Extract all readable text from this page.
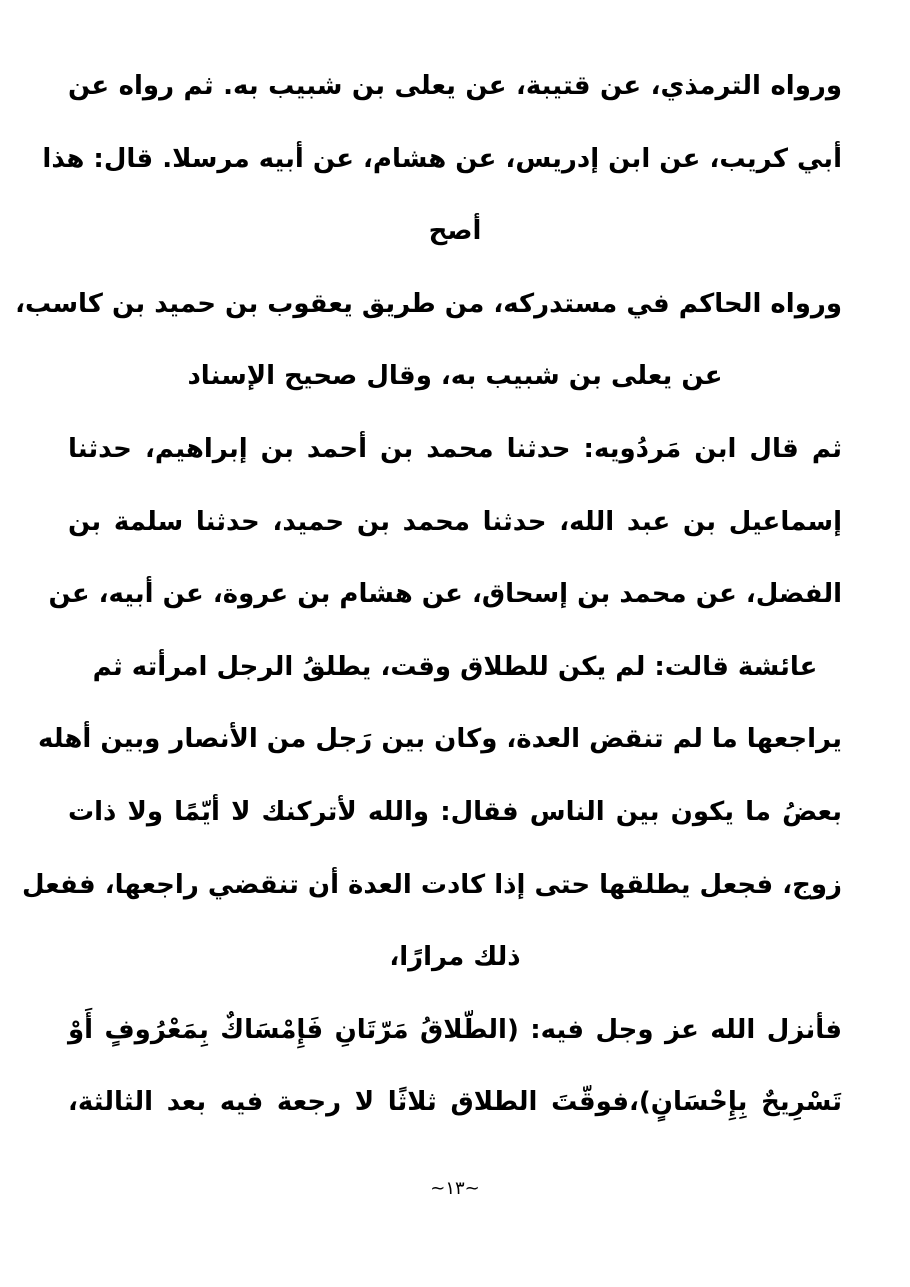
ورواه الترمذي، عن قتيبة، عن يعلى بن شبيب به. ثم رواه عن
أبي كريب، عن ابن إدريس، عن هشام، عن أبيه مرسلا. قال: هذا
أصح
ورواه الحاكم في مستدركه، من طريق يعقوب بن حميد بن كاسب،
عن يعلى بن شبيب به، وقال صحيح الإسناد
ثم قال ابن مَردُويه: حدثنا محمد بن أحمد بن إبراهيم، حدثنا
إسماعيل بن عبد الله، حدثنا محمد بن حميد، حدثنا سلمة بن
الفضل، عن محمد بن إسحاق، عن هشام بن عروة، عن أبيه، عن
عائشة قالت: لم يكن للطلاق وقت، يطلقُ الرجل امرأته ثم
يراجعها ما لم تنقض العدة، وكان بين رَجل من الأنصار وبين أهله
بعضُ ما يكون بين الناس فقال: والله لأتركنك لا أيّمًا ولا ذات
زوج، فجعل يطلقها حتى إذا كادت العدة أن تنقضي راجعها، ففعل
ذلك مرارًا،
فأنزل الله عز وجل فيه: (الطّلاقُ مَرّتَانِ فَإِمْسَاكٌ بِمَعْرُوفٍ أَوْ
تَسْرِيحٌ بِإِحْسَانٍ)،فوقّتَ الطلاق ثلاثًا لا رجعة فيه بعد الثالثة،
~١٣~
